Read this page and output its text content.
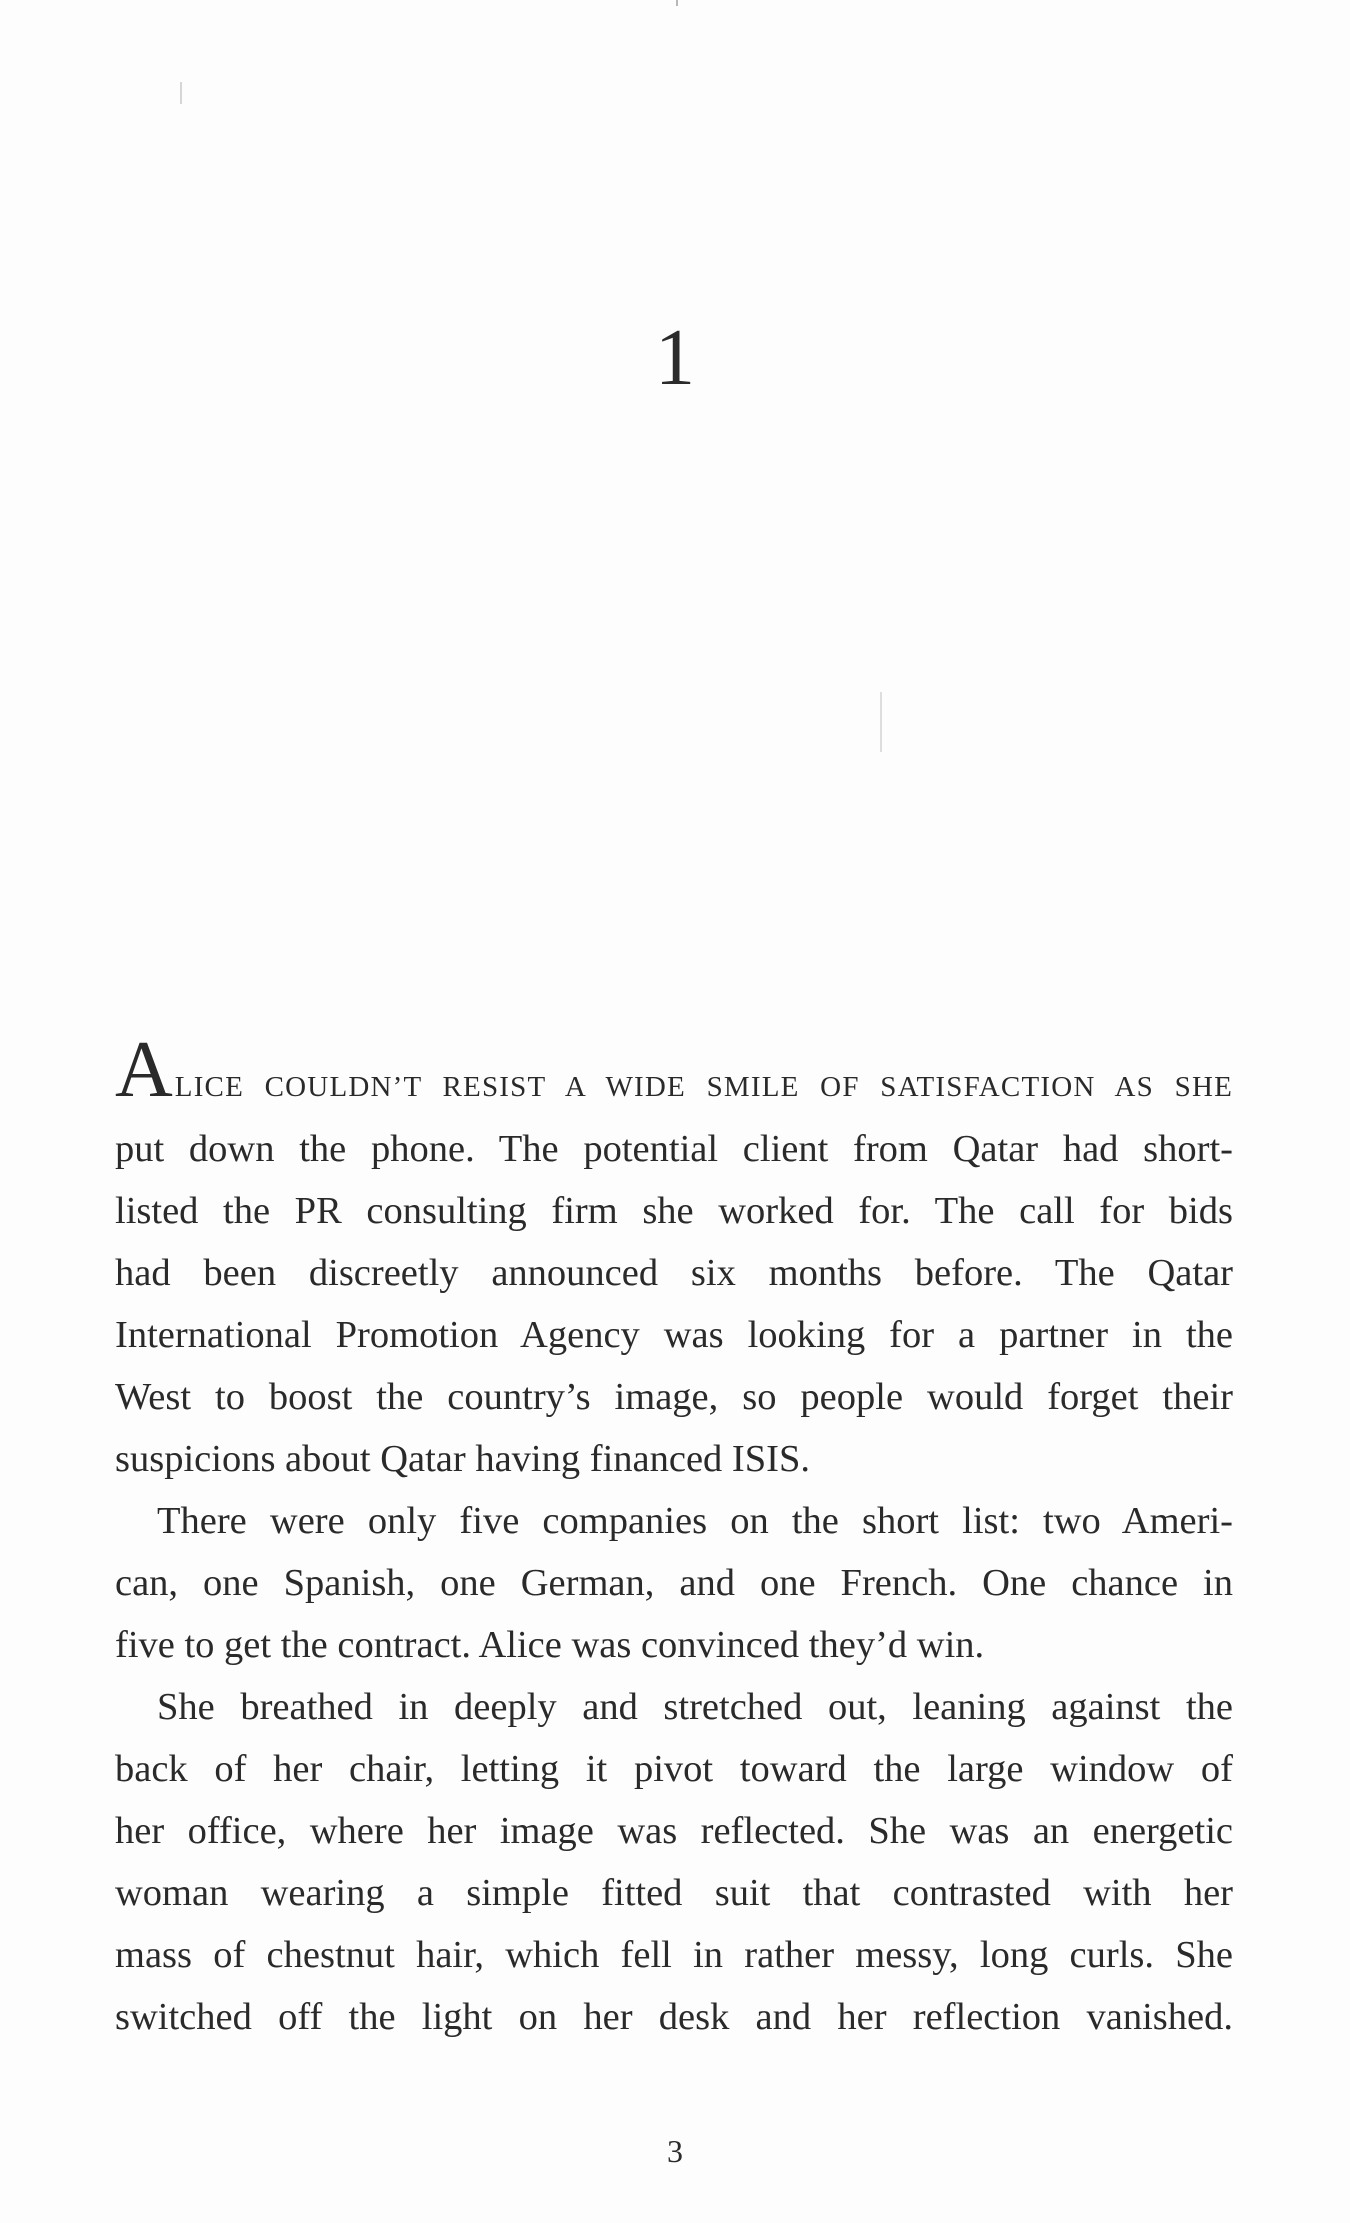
1

ALICE COULDN’T RESIST A WIDE SMILE OF SATISFACTION AS SHE
put down the phone. The potential client from Qatar had short-
listed the PR consulting firm she worked for. The call for bids
had been discreetly announced six months before. The Qatar
International Promotion Agency was looking for a partner in the
West to boost the country’s image, so people would forget their
suspicions about Qatar having financed ISIS.

There were only five companies on the short list: two Ameri-
can, one Spanish, one German, and one French. One chance in
five to get the contract. Alice was convinced they’d win.

She breathed in deeply and stretched out, leaning against the
back of her chair, letting it pivot toward the large window of
her office, where her image was reflected. She was an energetic
woman wearing a simple fitted suit that contrasted with her
mass of chestnut hair, which fell in rather messy, long curls. She
switched off the light on her desk and her reflection vanished.

3
